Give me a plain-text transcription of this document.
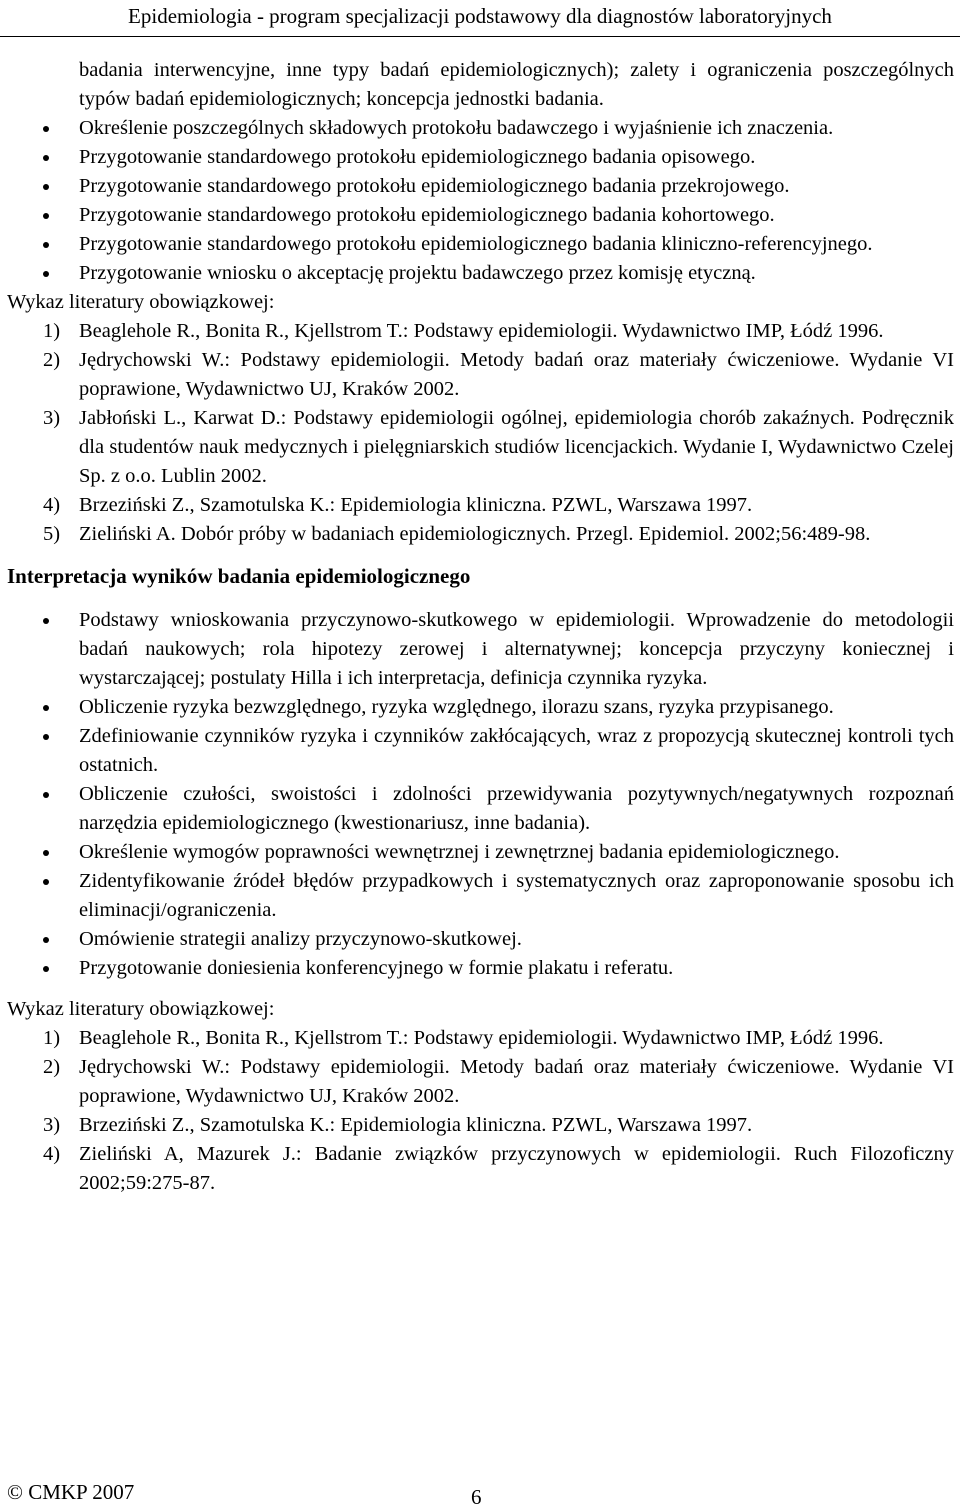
Epidemiologia - program specjalizacji podstawowy dla diagnostów laboratoryjnych

badania interwencyjne, inne typy badań epidemiologicznych); zalety i ograniczenia poszczególnych typów badań epidemiologicznych; koncepcja jednostki badania.

Określenie poszczególnych składowych protokołu badawczego i wyjaśnienie ich znaczenia.
Przygotowanie standardowego protokołu epidemiologicznego badania opisowego.
Przygotowanie standardowego protokołu epidemiologicznego badania przekrojowego.
Przygotowanie standardowego protokołu epidemiologicznego badania kohortowego.
Przygotowanie standardowego protokołu epidemiologicznego badania kliniczno-referencyjnego.
Przygotowanie wniosku o akceptację projektu badawczego przez komisję etyczną.

Wykaz literatury obowiązkowej:

1) Beaglehole R., Bonita R., Kjellstrom T.: Podstawy epidemiologii. Wydawnictwo IMP, Łódź 1996.
2) Jędrychowski W.: Podstawy epidemiologii. Metody badań oraz materiały ćwiczeniowe. Wydanie VI poprawione, Wydawnictwo UJ, Kraków 2002.
3) Jabłoński L., Karwat D.: Podstawy epidemiologii ogólnej, epidemiologia chorób zakaźnych. Podręcznik dla studentów nauk medycznych i pielęgniarskich studiów licencjackich. Wydanie I, Wydawnictwo Czelej Sp. z o.o. Lublin 2002.
4) Brzeziński Z., Szamotulska K.: Epidemiologia kliniczna. PZWL, Warszawa 1997.
5) Zieliński A. Dobór próby w badaniach epidemiologicznych. Przegl. Epidemiol. 2002;56:489-98.

Interpretacja wyników badania epidemiologicznego

Podstawy wnioskowania przyczynowo-skutkowego w epidemiologii. Wprowadzenie do metodologii badań naukowych; rola hipotezy zerowej i alternatywnej; koncepcja przyczyny koniecznej i wystarczającej; postulaty Hilla i ich interpretacja, definicja czynnika ryzyka.
Obliczenie ryzyka bezwzględnego, ryzyka względnego, ilorazu szans, ryzyka przypisanego.
Zdefiniowanie czynników ryzyka i czynników zakłócających, wraz z propozycją skutecznej kontroli tych ostatnich.
Obliczenie czułości, swoistości i zdolności przewidywania pozytywnych/negatywnych rozpoznań narzędzia epidemiologicznego (kwestionariusz, inne badania).
Określenie wymogów poprawności wewnętrznej i zewnętrznej badania epidemiologicznego.
Zidentyfikowanie źródeł błędów przypadkowych i systematycznych oraz zaproponowanie sposobu ich eliminacji/ograniczenia.
Omówienie strategii analizy przyczynowo-skutkowej.
Przygotowanie doniesienia konferencyjnego w formie plakatu i referatu.

Wykaz literatury obowiązkowej:

1) Beaglehole R., Bonita R., Kjellstrom T.: Podstawy epidemiologii. Wydawnictwo IMP, Łódź 1996.
2) Jędrychowski W.: Podstawy epidemiologii. Metody badań oraz materiały ćwiczeniowe. Wydanie VI poprawione, Wydawnictwo UJ, Kraków 2002.
3) Brzeziński Z., Szamotulska K.: Epidemiologia kliniczna. PZWL, Warszawa 1997.
4) Zieliński A, Mazurek J.: Badanie związków przyczynowych w epidemiologii. Ruch Filozoficzny 2002;59:275-87.
© CMKP 2007	6
